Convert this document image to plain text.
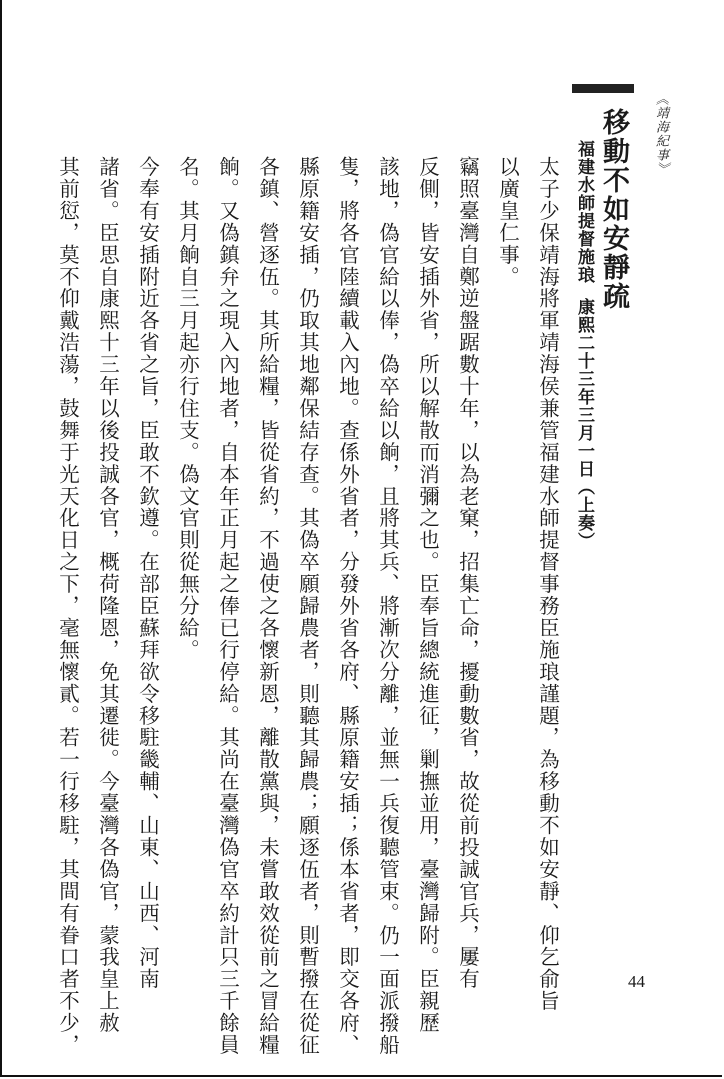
《靖海紀事》
移動不如安靜疏
福建水師提督施琅康熙二十三年三月一日（上奏）
太子少保靖海將軍靖海侯兼管福建水師提督事務臣施琅謹題，為移動不如安靜、仰乞俞旨
以廣皇仁事。
竊照臺灣自鄭逆盤踞數十年，以為老窠，招集亡命，擾動數省，故從前投誠官兵，屢有
反側，皆安插外省，所以解散而消彌之也。臣奉旨總統進征，剿撫並用，臺灣歸附。臣親歷
該地，偽官給以俸，偽卒給以餉，且將其兵、將漸次分離，並無一兵復聽管束。仍一面派撥船
隻，將各官陸續載入內地。查係外省者，分發外省各府、縣原籍安插；係本省者，即交各府、
縣原籍安插，仍取其地鄰保結存查。其偽卒願歸農者，則聽其歸農；願逐伍者，則暫撥在從征
各鎮、營逐伍。其所給糧，皆從省約，不過使之各懷新恩，離散黨與，未嘗敢效從前之冒給糧
餉。又偽鎮弁之現入內地者，自本年正月起之俸已行停給。其尚在臺灣偽官卒約計只三千餘員
名。其月餉自三月起亦行住支。偽文官則從無分給。
今奉有安插附近各省之旨，臣敢不欽遵。在部臣蘇拜欲令移駐畿輔、山東、山西、河南
諸省。臣思自康熙十三年以後投誠各官，概荷隆恩，免其遷徙。今臺灣各偽官，蒙我皇上赦
其前愆，莫不仰戴浩蕩，鼓舞于光天化日之下，毫無懷貳。若一行移駐，其間有眷口者不少，	44
